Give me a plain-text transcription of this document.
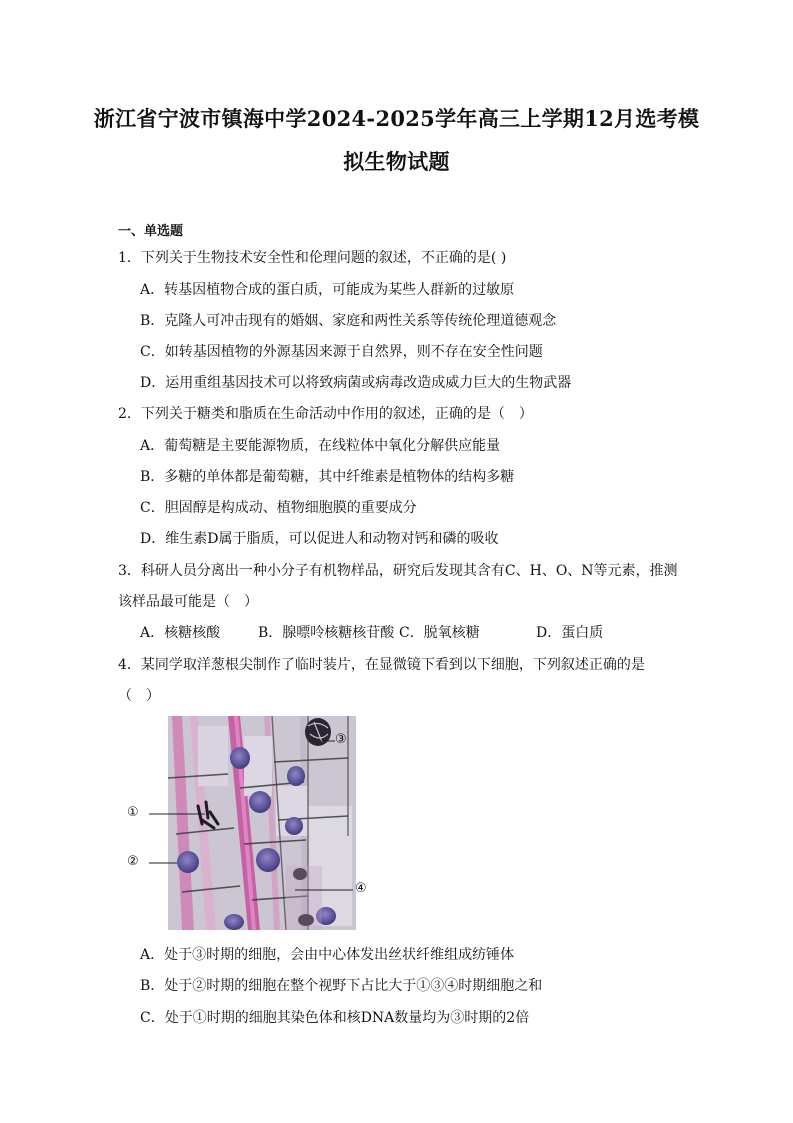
浙江省宁波市镇海中学2024-2025学年高三上学期12月选考模
拟生物试题
一、单选题
1．下列关于生物技术安全性和伦理问题的叙述，不正确的是( )
A．转基因植物合成的蛋白质，可能成为某些人群新的过敏原
B．克隆人可冲击现有的婚姻、家庭和两性关系等传统伦理道德观念
C．如转基因植物的外源基因来源于自然界，则不存在安全性问题
D．运用重组基因技术可以将致病菌或病毒改造成威力巨大的生物武器
2．下列关于糖类和脂质在生命活动中作用的叙述，正确的是（　）
A．葡萄糖是主要能源物质，在线粒体中氧化分解供应能量
B．多糖的单体都是葡萄糖，其中纤维素是植物体的结构多糖
C．胆固醇是构成动、植物细胞膜的重要成分
D．维生素D属于脂质，可以促进人和动物对钙和磷的吸收
3．科研人员分离出一种小分子有机物样品，研究后发现其含有C、H、O、N等元素，推测
该样品最可能是（　）
A．核糖核酸	B．腺嘌呤核糖核苷酸 C．脱氧核糖	D．蛋白质
4．某同学取洋葱根尖制作了临时装片，在显微镜下看到以下细胞，下列叙述正确的是
（　）
③
①
②
④
A．处于③时期的细胞，会由中心体发出丝状纤维组成纺锤体
B．处于②时期的细胞在整个视野下占比大于①③④时期细胞之和
C．处于①时期的细胞其染色体和核DNA数量均为③时期的2倍
